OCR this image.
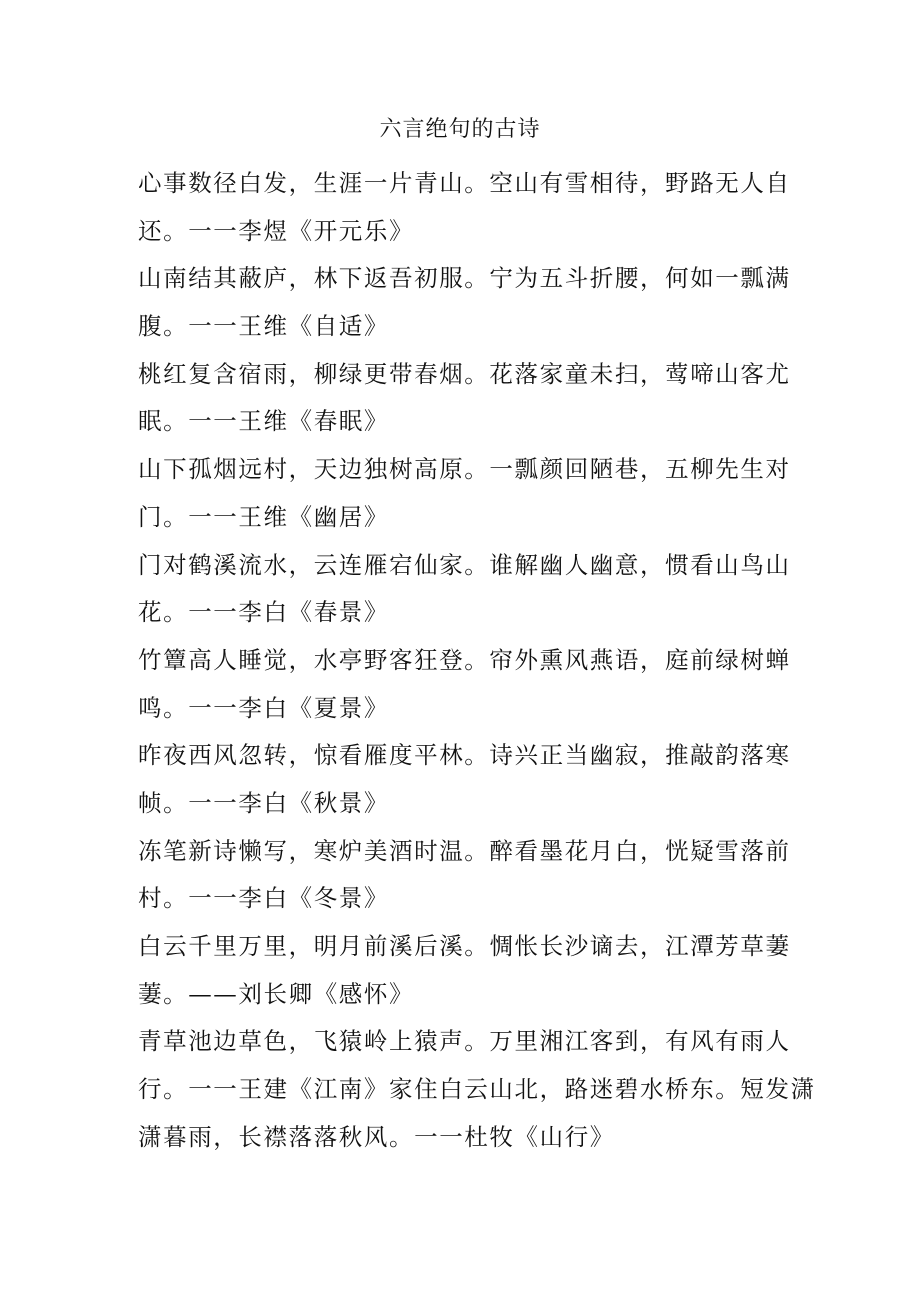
六言绝句的古诗
心事数径白发，生涯一片青山。空山有雪相待，野路无人自
还。一一李煜《开元乐》
山南结其蔽庐，林下返吾初服。宁为五斗折腰，何如一瓢满
腹。一一王维《自适》
桃红复含宿雨，柳绿更带春烟。花落家童未扫，莺啼山客尤
眠。一一王维《春眠》
山下孤烟远村，天边独树高原。一瓢颜回陋巷，五柳先生对
门。一一王维《幽居》
门对鹤溪流水，云连雁宕仙家。谁解幽人幽意，惯看山鸟山
花。一一李白《春景》
竹簟高人睡觉，水亭野客狂登。帘外熏风燕语，庭前绿树蝉
鸣。一一李白《夏景》
昨夜西风忽转，惊看雁度平林。诗兴正当幽寂，推敲韵落寒
帧。一一李白《秋景》
冻笔新诗懒写，寒炉美酒时温。醉看墨花月白，恍疑雪落前
村。一一李白《冬景》
白云千里万里，明月前溪后溪。惆怅长沙谪去，江潭芳草萋
萋。——刘长卿《感怀》
青草池边草色，飞猿岭上猿声。万里湘江客到，有风有雨人
行。一一王建《江南》家住白云山北，路迷碧水桥东。短发潇
潇暮雨，长襟落落秋风。一一杜牧《山行》
